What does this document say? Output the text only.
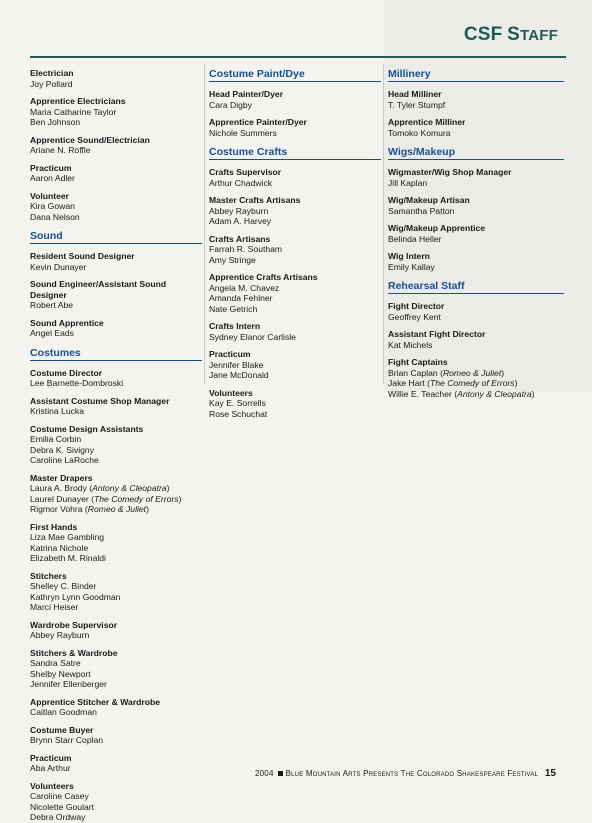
CSF STAFF
Electrician
Joy Pollard
Apprentice Electricians
Maria Catharine Taylor
Ben Johnson
Apprentice Sound/Electrician
Ariane N. Roffle
Practicum
Aaron Adler
Volunteer
Kira Gowan
Dana Nelson
Sound
Resident Sound Designer
Kevin Dunayer
Sound Engineer/Assistant Sound Designer
Robert Abe
Sound Apprentice
Angel Eads
Costumes
Costume Director
Lee Barnette-Dombroski
Assistant Costume Shop Manager
Kristina Lucka
Costume Design Assistants
Emilia Corbin
Debra K. Sivigny
Caroline LaRoche
Master Drapers
Laura A. Brody (Antony & Cleopatra)
Laurel Dunayer (The Comedy of Errors)
Rigmor Vohra (Romeo & Juliet)
First Hands
Liza Mae Gambling
Katrina Nichole
Elizabeth M. Rinaldi
Stitchers
Shelley C. Binder
Kathryn Lynn Goodman
Marci Heiser
Wardrobe Supervisor
Abbey Rayburn
Stitchers & Wardrobe
Sandra Satre
Shelby Newport
Jennifer Ellenberger
Apprentice Stitcher & Wardrobe
Caitlan Goodman
Costume Buyer
Brynn Starr Coplan
Practicum
Aba Arthur
Volunteers
Caroline Casey
Nicolette Goulart
Debra Ordway
Costume Paint/Dye
Head Painter/Dyer
Cara Digby
Apprentice Painter/Dyer
Nichole Summers
Costume Crafts
Crafts Supervisor
Arthur Chadwick
Master Crafts Artisans
Abbey Rayburn
Adam A. Harvey
Crafts Artisans
Farrah R. Southam
Amy Stringe
Apprentice Crafts Artisans
Angela M. Chavez
Amanda Fehlner
Nate Getrich
Crafts Intern
Sydney Elanor Carlisle
Practicum
Jennifer Blake
Jane McDonald
Volunteers
Kay E. Sorrells
Rose Schuchat
Millinery
Head Milliner
T. Tyler Stumpf
Apprentice Milliner
Tomoko Komura
Wigs/Makeup
Wigmaster/Wig Shop Manager
Jill Kaplan
Wig/Makeup Artisan
Samantha Patton
Wig/Makeup Apprentice
Belinda Heller
Wig Intern
Emily Kallay
Rehearsal Staff
Fight Director
Geoffrey Kent
Assistant Fight Director
Kat Michels
Fight Captains
Brian Caplan (Romeo & Juliet)
Jake Hart (The Comedy of Errors)
Willie E. Teacher (Antony & Cleopatra)
2004 Blue Mountain Arts Presents The Colorado Shakespeare Festival 15
